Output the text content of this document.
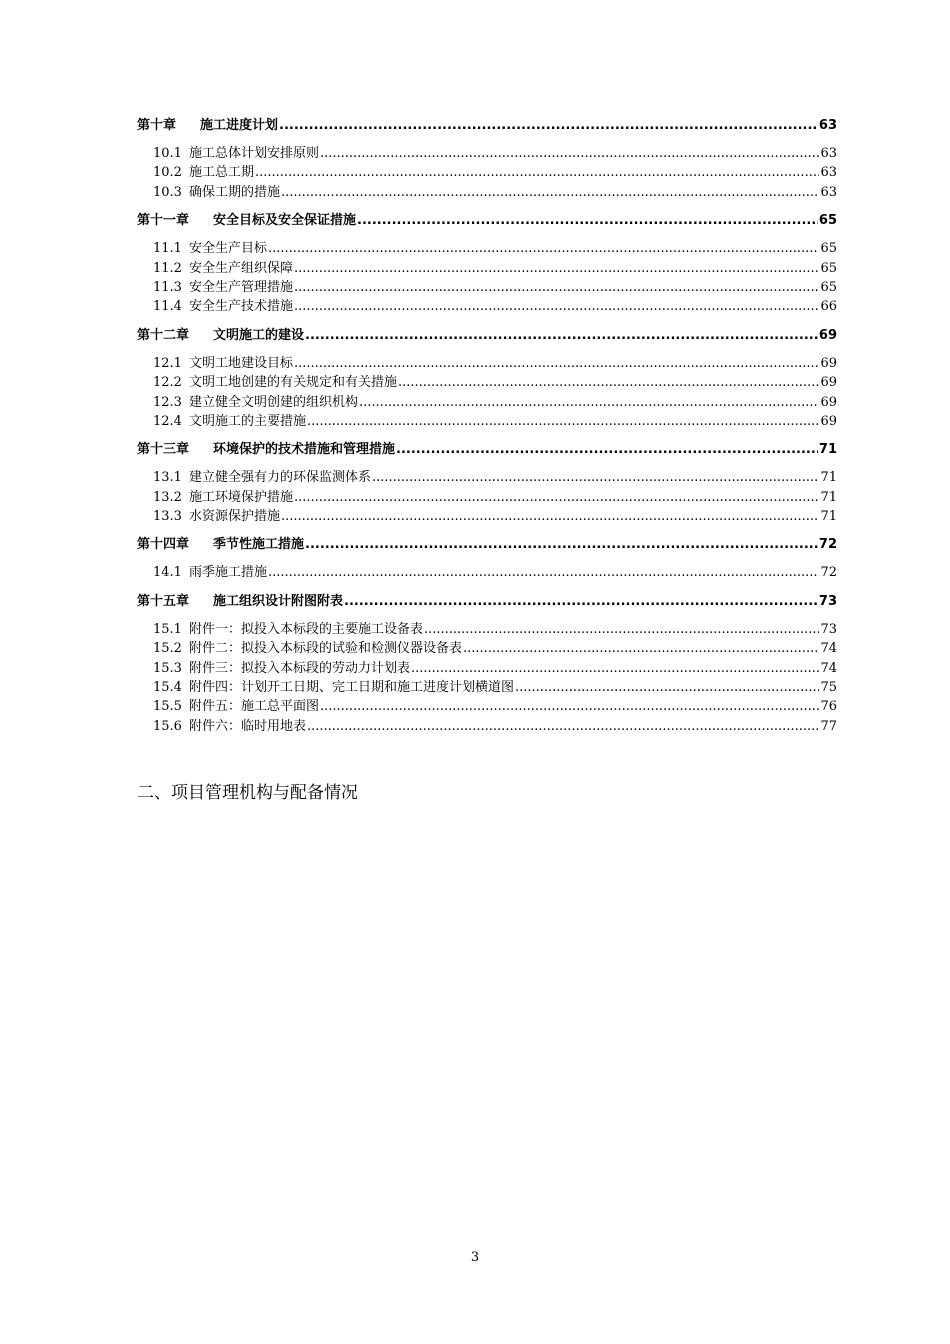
第十章 施工进度计划 .....	63
10.1 施工总体计划安排原则 .....	63
10.2 施工总工期 .....	63
10.3 确保工期的措施 .....	63
第十一章 安全目标及安全保证措施 .....	65
11.1 安全生产目标 .....	65
11.2 安全生产组织保障 .....	65
11.3 安全生产管理措施 .....	65
11.4 安全生产技术措施 .....	66
第十二章 文明施工的建设 .....	69
12.1 文明工地建设目标 .....	69
12.2 文明工地创建的有关规定和有关措施 .....	69
12.3 建立健全文明创建的组织机构 .....	69
12.4 文明施工的主要措施 .....	69
第十三章 环境保护的技术措施和管理措施 .....	71
13.1 建立健全强有力的环保监测体系 .....	71
13.2 施工环境保护措施 .....	71
13.3 水资源保护措施 .....	71
第十四章 季节性施工措施 .....	72
14.1 雨季施工措施 .....	72
第十五章 施工组织设计附图附表 .....	73
15.1 附件一：拟投入本标段的主要施工设备表 .....	73
15.2 附件二：拟投入本标段的试验和检测仪器设备表 .....	74
15.3 附件三：拟投入本标段的劳动力计划表 .....	74
15.4 附件四：计划开工日期、完工日期和施工进度计划横道图 .....	75
15.5 附件五：施工总平面图 .....	76
15.6 附件六：临时用地表 .....	77
二、项目管理机构与配备情况
3
